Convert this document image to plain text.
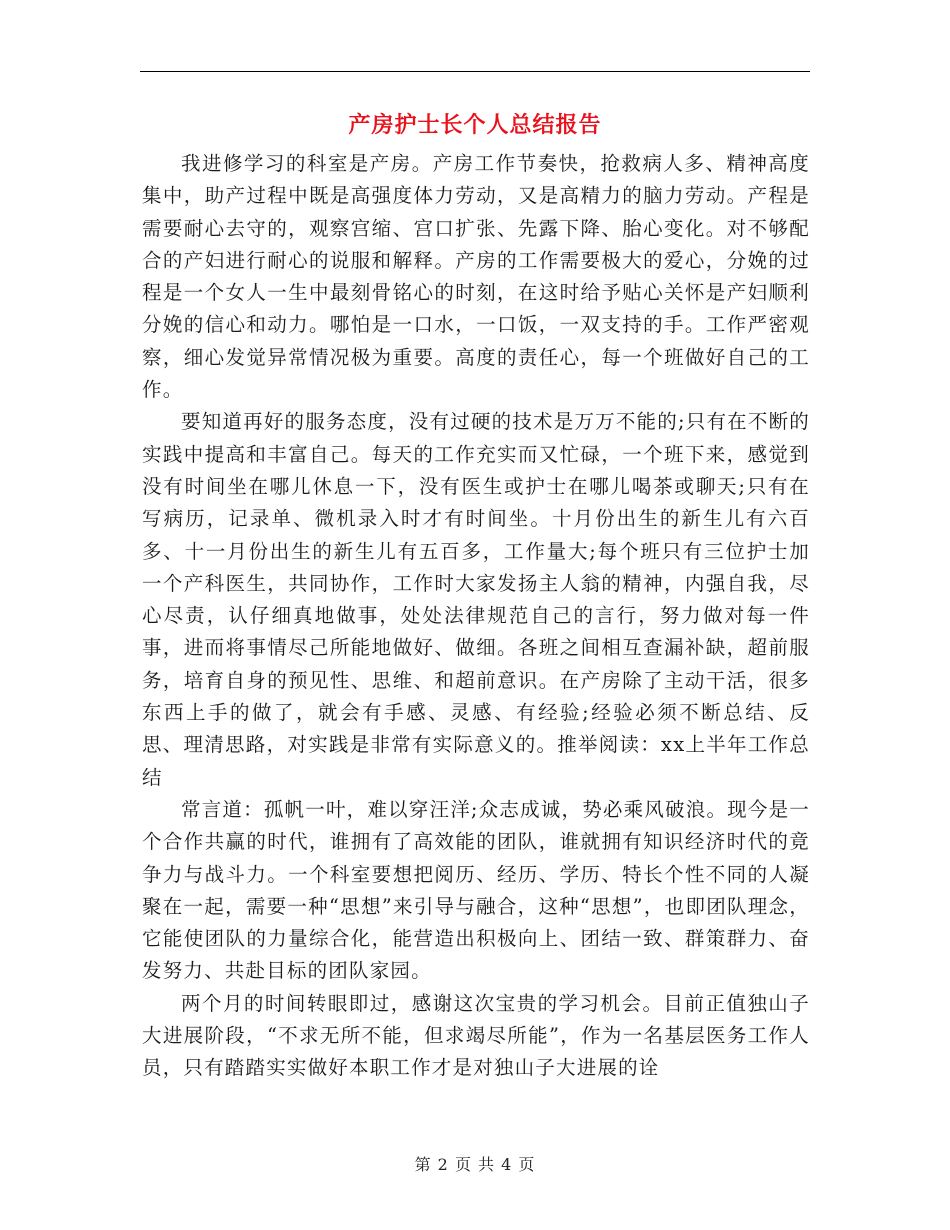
产房护士长个人总结报告

我进修学习的科室是产房。产房工作节奏快，抢救病人多、精神高度集中，助产过程中既是高强度体力劳动，又是高精力的脑力劳动。产程是需要耐心去守的，观察宫缩、宫口扩张、先露下降、胎心变化。对不够配合的产妇进行耐心的说服和解释。产房的工作需要极大的爱心，分娩的过程是一个女人一生中最刻骨铭心的时刻，在这时给予贴心关怀是产妇顺利分娩的信心和动力。哪怕是一口水，一口饭，一双支持的手。工作严密观察，细心发觉异常情况极为重要。高度的责任心，每一个班做好自己的工作。

要知道再好的服务态度，没有过硬的技术是万万不能的;只有在不断的实践中提高和丰富自己。每天的工作充实而又忙碌，一个班下来，感觉到没有时间坐在哪儿休息一下，没有医生或护士在哪儿喝茶或聊天;只有在写病历，记录单、微机录入时才有时间坐。十月份出生的新生儿有六百多、十一月份出生的新生儿有五百多，工作量大;每个班只有三位护士加一个产科医生，共同协作，工作时大家发扬主人翁的精神，内强自我，尽心尽责，认仔细真地做事，处处法律规范自己的言行，努力做对每一件事，进而将事情尽己所能地做好、做细。各班之间相互查漏补缺，超前服务，培育自身的预见性、思维、和超前意识。在产房除了主动干活，很多东西上手的做了，就会有手感、灵感、有经验;经验必须不断总结、反思、理清思路，对实践是非常有实际意义的。推举阅读：xx上半年工作总结

常言道：孤帆一叶，难以穿汪洋;众志成诚，势必乘风破浪。现今是一个合作共赢的时代，谁拥有了高效能的团队，谁就拥有知识经济时代的竟争力与战斗力。一个科室要想把阅历、经历、学历、特长个性不同的人凝聚在一起，需要一种“思想”来引导与融合，这种“思想”，也即团队理念，它能使团队的力量综合化，能营造出积极向上、团结一致、群策群力、奋发努力、共赴目标的团队家园。

两个月的时间转眼即过，感谢这次宝贵的学习机会。目前正值独山子大进展阶段，“不求无所不能，但求竭尽所能”，作为一名基层医务工作人员，只有踏踏实实做好本职工作才是对独山子大进展的诠

第 2 页 共 4 页
